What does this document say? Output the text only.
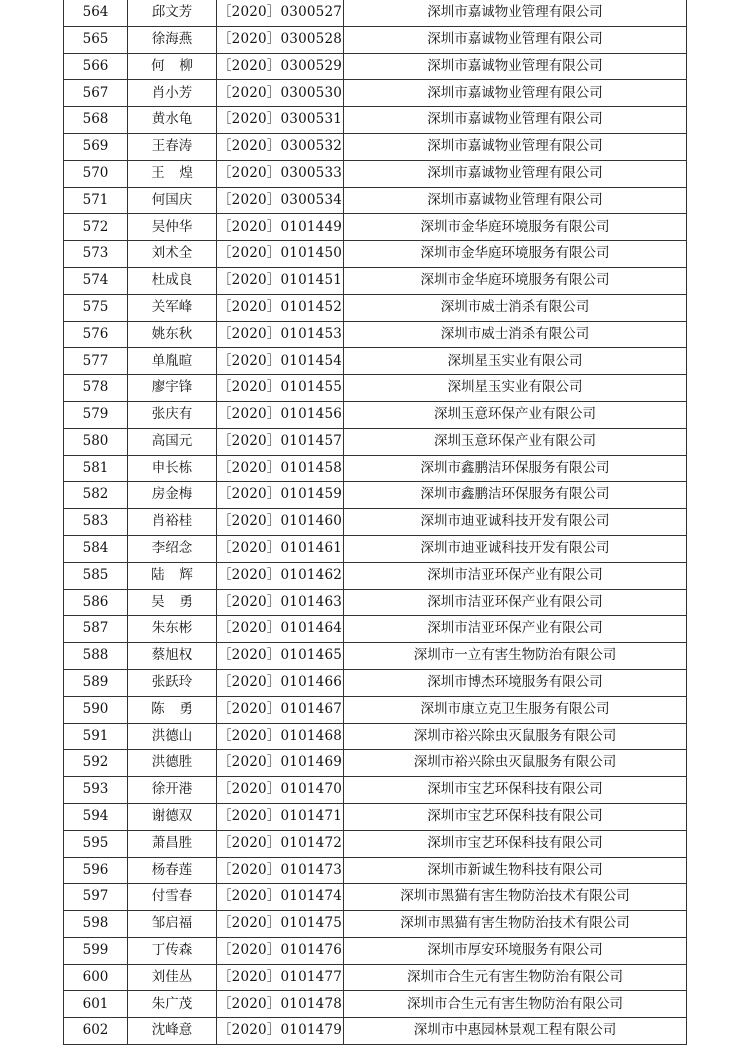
564	邱文芳	［2020］0300527	深圳市嘉诚物业管理有限公司
565	徐海燕	［2020］0300528	深圳市嘉诚物业管理有限公司
566	何柳	［2020］0300529	深圳市嘉诚物业管理有限公司
567	肖小芳	［2020］0300530	深圳市嘉诚物业管理有限公司
568	黄水龟	［2020］0300531	深圳市嘉诚物业管理有限公司
569	王春涛	［2020］0300532	深圳市嘉诚物业管理有限公司
570	王煌	［2020］0300533	深圳市嘉诚物业管理有限公司
571	何国庆	［2020］0300534	深圳市嘉诚物业管理有限公司
572	吴仲华	［2020］0101449	深圳市金华庭环境服务有限公司
573	刘术全	［2020］0101450	深圳市金华庭环境服务有限公司
574	杜成良	［2020］0101451	深圳市金华庭环境服务有限公司
575	关军峰	［2020］0101452	深圳市威士消杀有限公司
576	姚东秋	［2020］0101453	深圳市威士消杀有限公司
577	单胤暄	［2020］0101454	深圳星玉实业有限公司
578	廖宇锋	［2020］0101455	深圳星玉实业有限公司
579	张庆有	［2020］0101456	深圳玉意环保产业有限公司
580	高国元	［2020］0101457	深圳玉意环保产业有限公司
581	申长栋	［2020］0101458	深圳市鑫鹏洁环保服务有限公司
582	房金梅	［2020］0101459	深圳市鑫鹏洁环保服务有限公司
583	肖裕桂	［2020］0101460	深圳市迪亚诚科技开发有限公司
584	李绍念	［2020］0101461	深圳市迪亚诚科技开发有限公司
585	陆辉	［2020］0101462	深圳市洁亚环保产业有限公司
586	吴勇	［2020］0101463	深圳市洁亚环保产业有限公司
587	朱东彬	［2020］0101464	深圳市洁亚环保产业有限公司
588	蔡旭权	［2020］0101465	深圳市一立有害生物防治有限公司
589	张跃玲	［2020］0101466	深圳市博杰环境服务有限公司
590	陈勇	［2020］0101467	深圳市康立克卫生服务有限公司
591	洪德山	［2020］0101468	深圳市裕兴除虫灭鼠服务有限公司
592	洪德胜	［2020］0101469	深圳市裕兴除虫灭鼠服务有限公司
593	徐开港	［2020］0101470	深圳市宝艺环保科技有限公司
594	谢德双	［2020］0101471	深圳市宝艺环保科技有限公司
595	萧昌胜	［2020］0101472	深圳市宝艺环保科技有限公司
596	杨春莲	［2020］0101473	深圳市新诚生物科技有限公司
597	付雪春	［2020］0101474	深圳市黑猫有害生物防治技术有限公司
598	邹启福	［2020］0101475	深圳市黑猫有害生物防治技术有限公司
599	丁传森	［2020］0101476	深圳市厚安环境服务有限公司
600	刘佳丛	［2020］0101477	深圳市合生元有害生物防治有限公司
601	朱广茂	［2020］0101478	深圳市合生元有害生物防治有限公司
602	沈峰意	［2020］0101479	深圳市中惠园林景观工程有限公司
